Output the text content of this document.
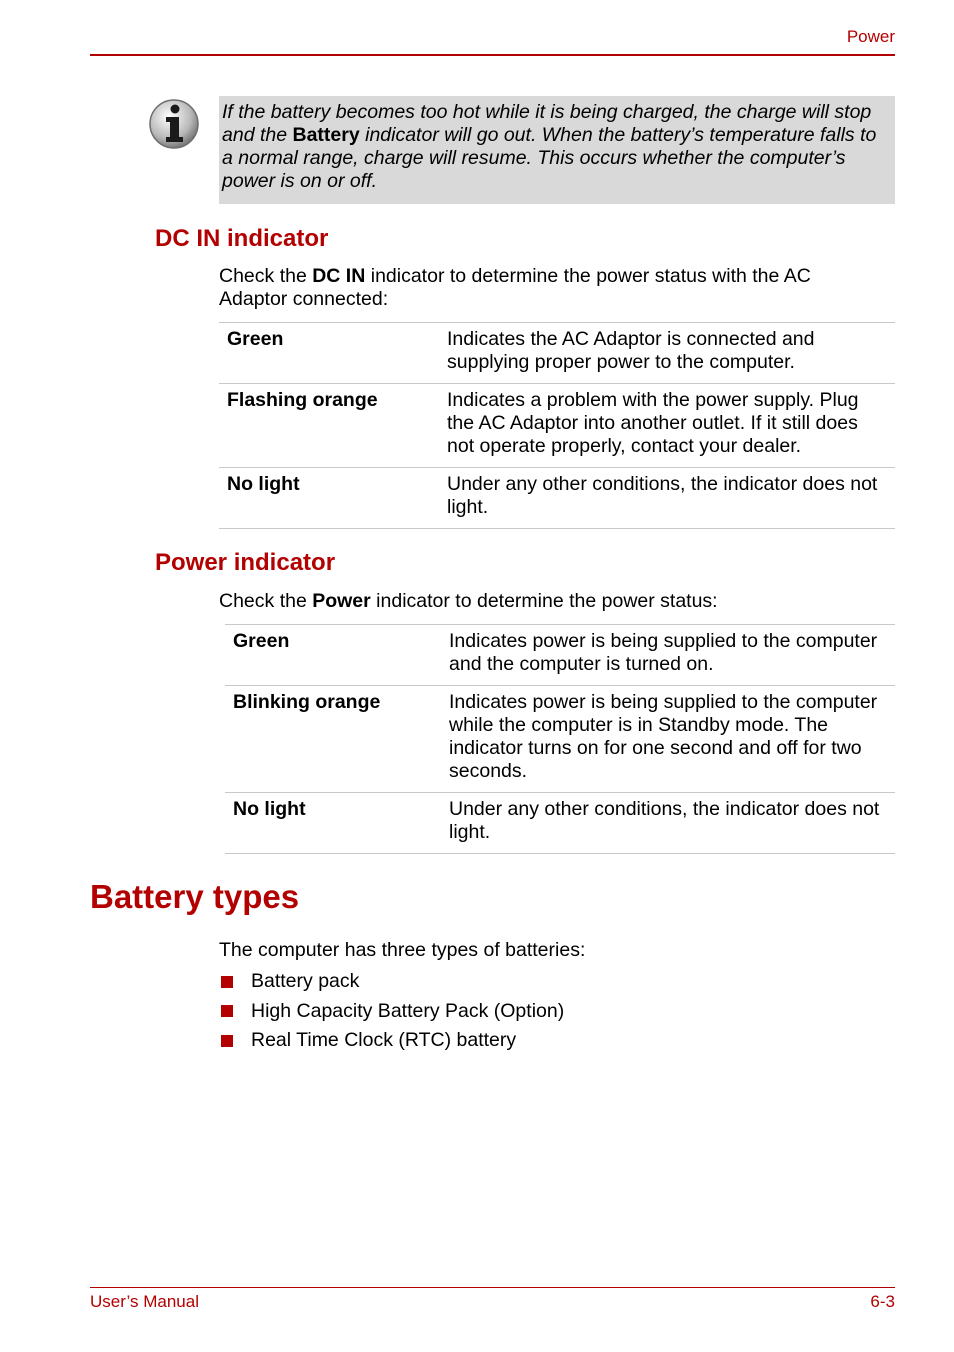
Power
If the battery becomes too hot while it is being charged, the charge will stop and the Battery indicator will go out. When the battery’s temperature falls to a normal range, charge will resume. This occurs whether the computer’s power is on or off.
DC IN indicator
Check the DC IN indicator to determine the power status with the AC Adaptor connected:
Green	Indicates the AC Adaptor is connected and supplying proper power to the computer.
Flashing orange	Indicates a problem with the power supply. Plug the AC Adaptor into another outlet. If it still does not operate properly, contact your dealer.
No light	Under any other conditions, the indicator does not light.
Power indicator
Check the Power indicator to determine the power status:
Green	Indicates power is being supplied to the computer and the computer is turned on.
Blinking orange	Indicates power is being supplied to the computer while the computer is in Standby mode. The indicator turns on for one second and off for two seconds.
No light	Under any other conditions, the indicator does not light.
Battery types
The computer has three types of batteries:
Battery pack
High Capacity Battery Pack (Option)
Real Time Clock (RTC) battery
User’s Manual	6-3
